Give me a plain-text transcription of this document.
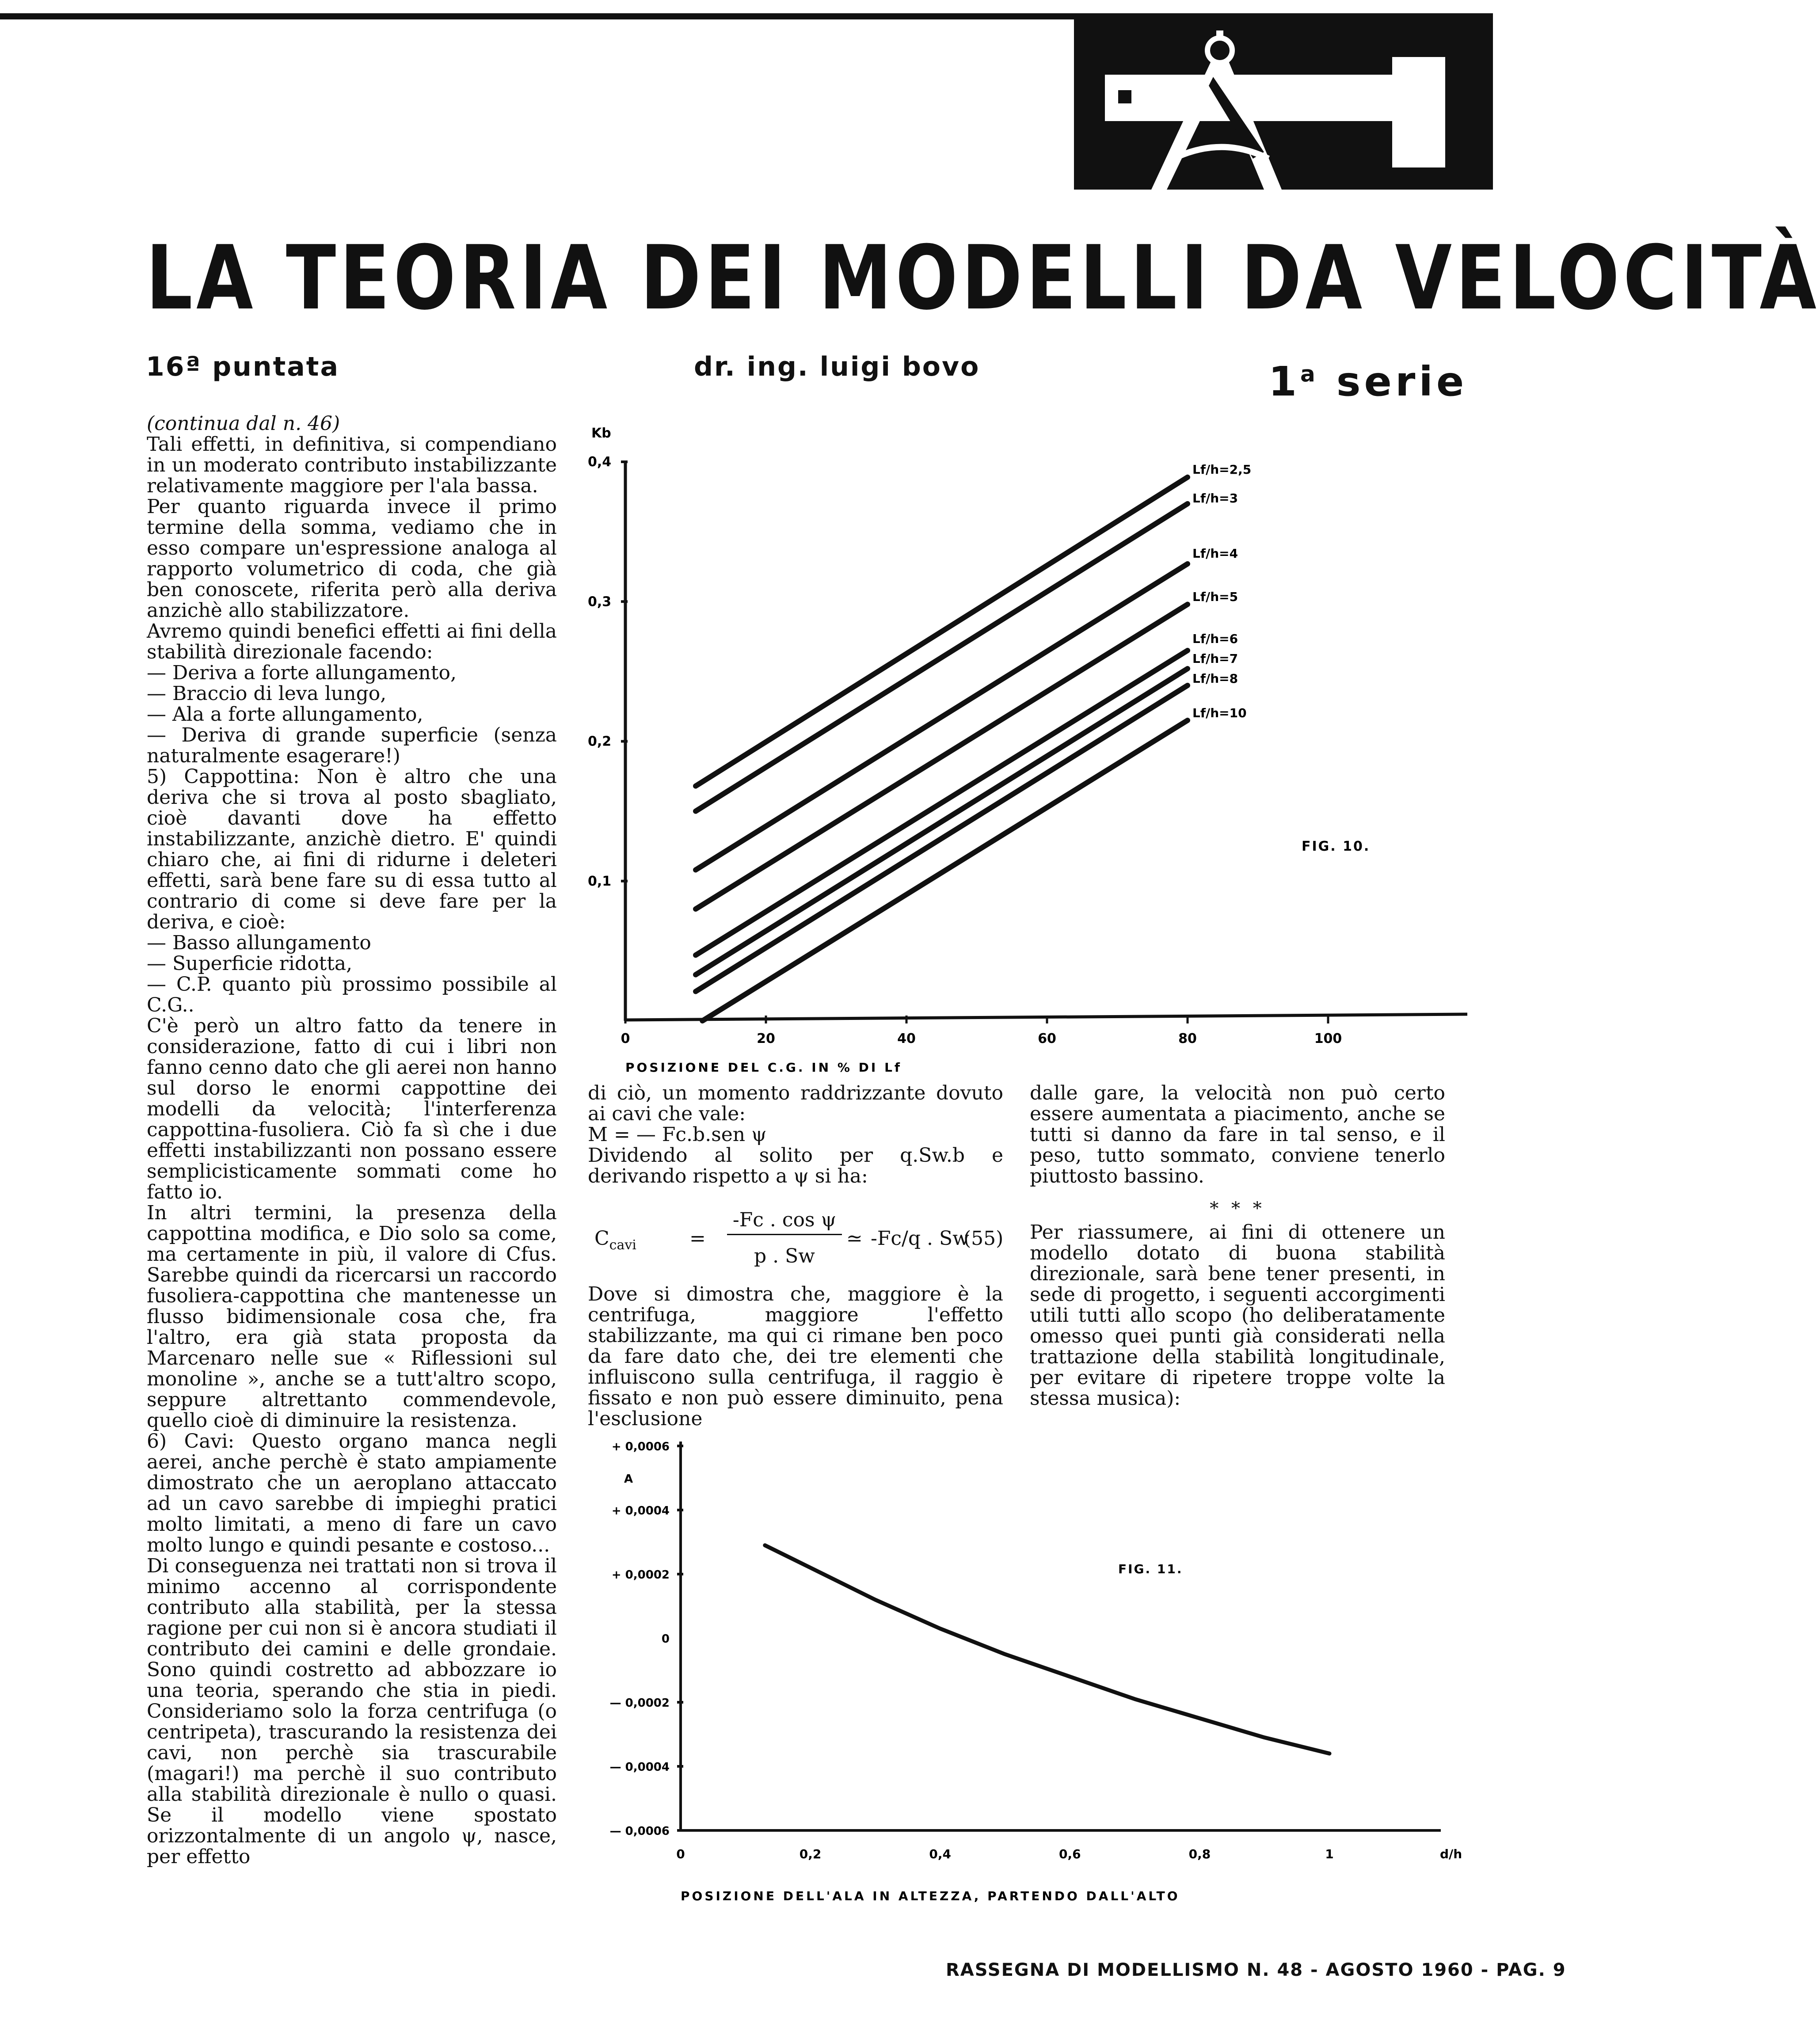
LA TEORIA DEI MODELLI DA VELOCITÀ
16ª puntata	dr. ing. luigi bovo	1$^a$ serie

(continua dal n. 46)

Tali effetti, in definitiva, si compendiano in un moderato contributo instabilizzante relativamente maggiore per l'ala bassa.

Per quanto riguarda invece il primo termine della somma, vediamo che in esso compare un'espressione analoga al rapporto volumetrico di coda, che già ben conoscete, riferita però alla deriva anzichè allo stabilizzatore.

Avremo quindi benefici effetti ai fini della stabilità direzionale facendo:

— Deriva a forte allungamento,

— Braccio di leva lungo,

— Ala a forte allungamento,

— Deriva di grande superficie (senza naturalmente esagerare!)

5) Cappottina: Non è altro che una deriva che si trova al posto sbagliato, cioè davanti dove ha effetto instabilizzante, anzichè dietro. E' quindi chiaro che, ai fini di ridurne i deleteri effetti, sarà bene fare su di essa tutto al contrario di come si deve fare per la deriva, e cioè:

— Basso allungamento

— Superficie ridotta,

— C.P. quanto più prossimo possibile al C.G..

C'è però un altro fatto da tenere in considerazione, fatto di cui i libri non fanno cenno dato che gli aerei non hanno sul dorso le enormi cappottine dei modelli da velocità; l'interferenza cappottina-fusoliera. Ciò fa sì che i due effetti instabilizzanti non possano essere semplicisticamente sommati come ho fatto io.

In altri termini, la presenza della cappottina modifica, e Dio solo sa come, ma certamente in più, il valore di Cfus. Sarebbe quindi da ricercarsi un raccordo fusoliera-cappottina che mantenesse un flusso bidimensionale cosa che, fra l'altro, era già stata proposta da Marcenaro nelle sue « Riflessioni sul monoline », anche se a tutt'altro scopo, seppure altrettanto commendevole, quello cioè di diminuire la resistenza.

6) Cavi: Questo organo manca negli aerei, anche perchè è stato ampiamente dimostrato che un aeroplano attaccato ad un cavo sarebbe di impieghi pratici molto limitati, a meno di fare un cavo molto lungo e quindi pesante e costoso...

Di conseguenza nei trattati non si trova il minimo accenno al corrispondente contributo alla stabilità, per la stessa ragione per cui non si è ancora studiati il contributo dei camini e delle grondaie. Sono quindi costretto ad abbozzare io una teoria, sperando che stia in piedi. Consideriamo solo la forza centrifuga (o centripeta), trascurando la resistenza dei cavi, non perchè sia trascurabile (magari!) ma perchè il suo contributo alla stabilità direzionale è nullo o quasi. Se il modello viene spostato orizzontalmente di un angolo ψ, nasce, per effetto

di ciò, un momento raddrizzante dovuto ai cavi che vale:

M = — Fc.b.sen ψ

Dividendo al solito per q.Sw.b e derivando rispetto a ψ si ha:

$C_{cavi}$	=
-Fc . cos ψ
p . Sw
≃ -Fc/q . Sw
(55)

Dove si dimostra che, maggiore è la centrifuga, maggiore l'effetto stabilizzante, ma qui ci rimane ben poco da fare dato che, dei tre elementi che influiscono sulla centrifuga, il raggio è fissato e non può essere diminuito, pena l'esclusione

dalle gare, la velocità non può certo essere aumentata a piacimento, anche se tutti si danno da fare in tal senso, e il peso, tutto sommato, conviene tenerlo piuttosto bassino.

* * *

Per riassumere, ai fini di ottenere un modello dotato di buona stabilità direzionale, sarà bene tener presenti, in sede di progetto, i seguenti accorgimenti utili tutti allo scopo (ho deliberatamente omesso quei punti già considerati nella trattazione della stabilità longitudinale, per evitare di ripetere troppe volte la stessa musica):

0,4
0,3
0,2
0,1
0	20	40	60	80	100
Lf/h=2,5
Lf/h=3
Lf/h=4
Lf/h=5
Lf/h=6
Lf/h=7
Lf/h=8
Lf/h=10
Kb
POSIZIONE DEL C.G. IN % DI Lf
FIG. 10.
+ 0,0006
+ 0,0004
+ 0,0002
0
— 0,0002
— 0,0004
— 0,0006
0	0,2	0,4	0,6	0,8	1
A
d/h
POSIZIONE DELL'ALA IN ALTEZZA, PARTENDO DALL'ALTO
FIG. 11.
RASSEGNA DI MODELLISMO N. 48 - AGOSTO 1960 - PAG. 9
